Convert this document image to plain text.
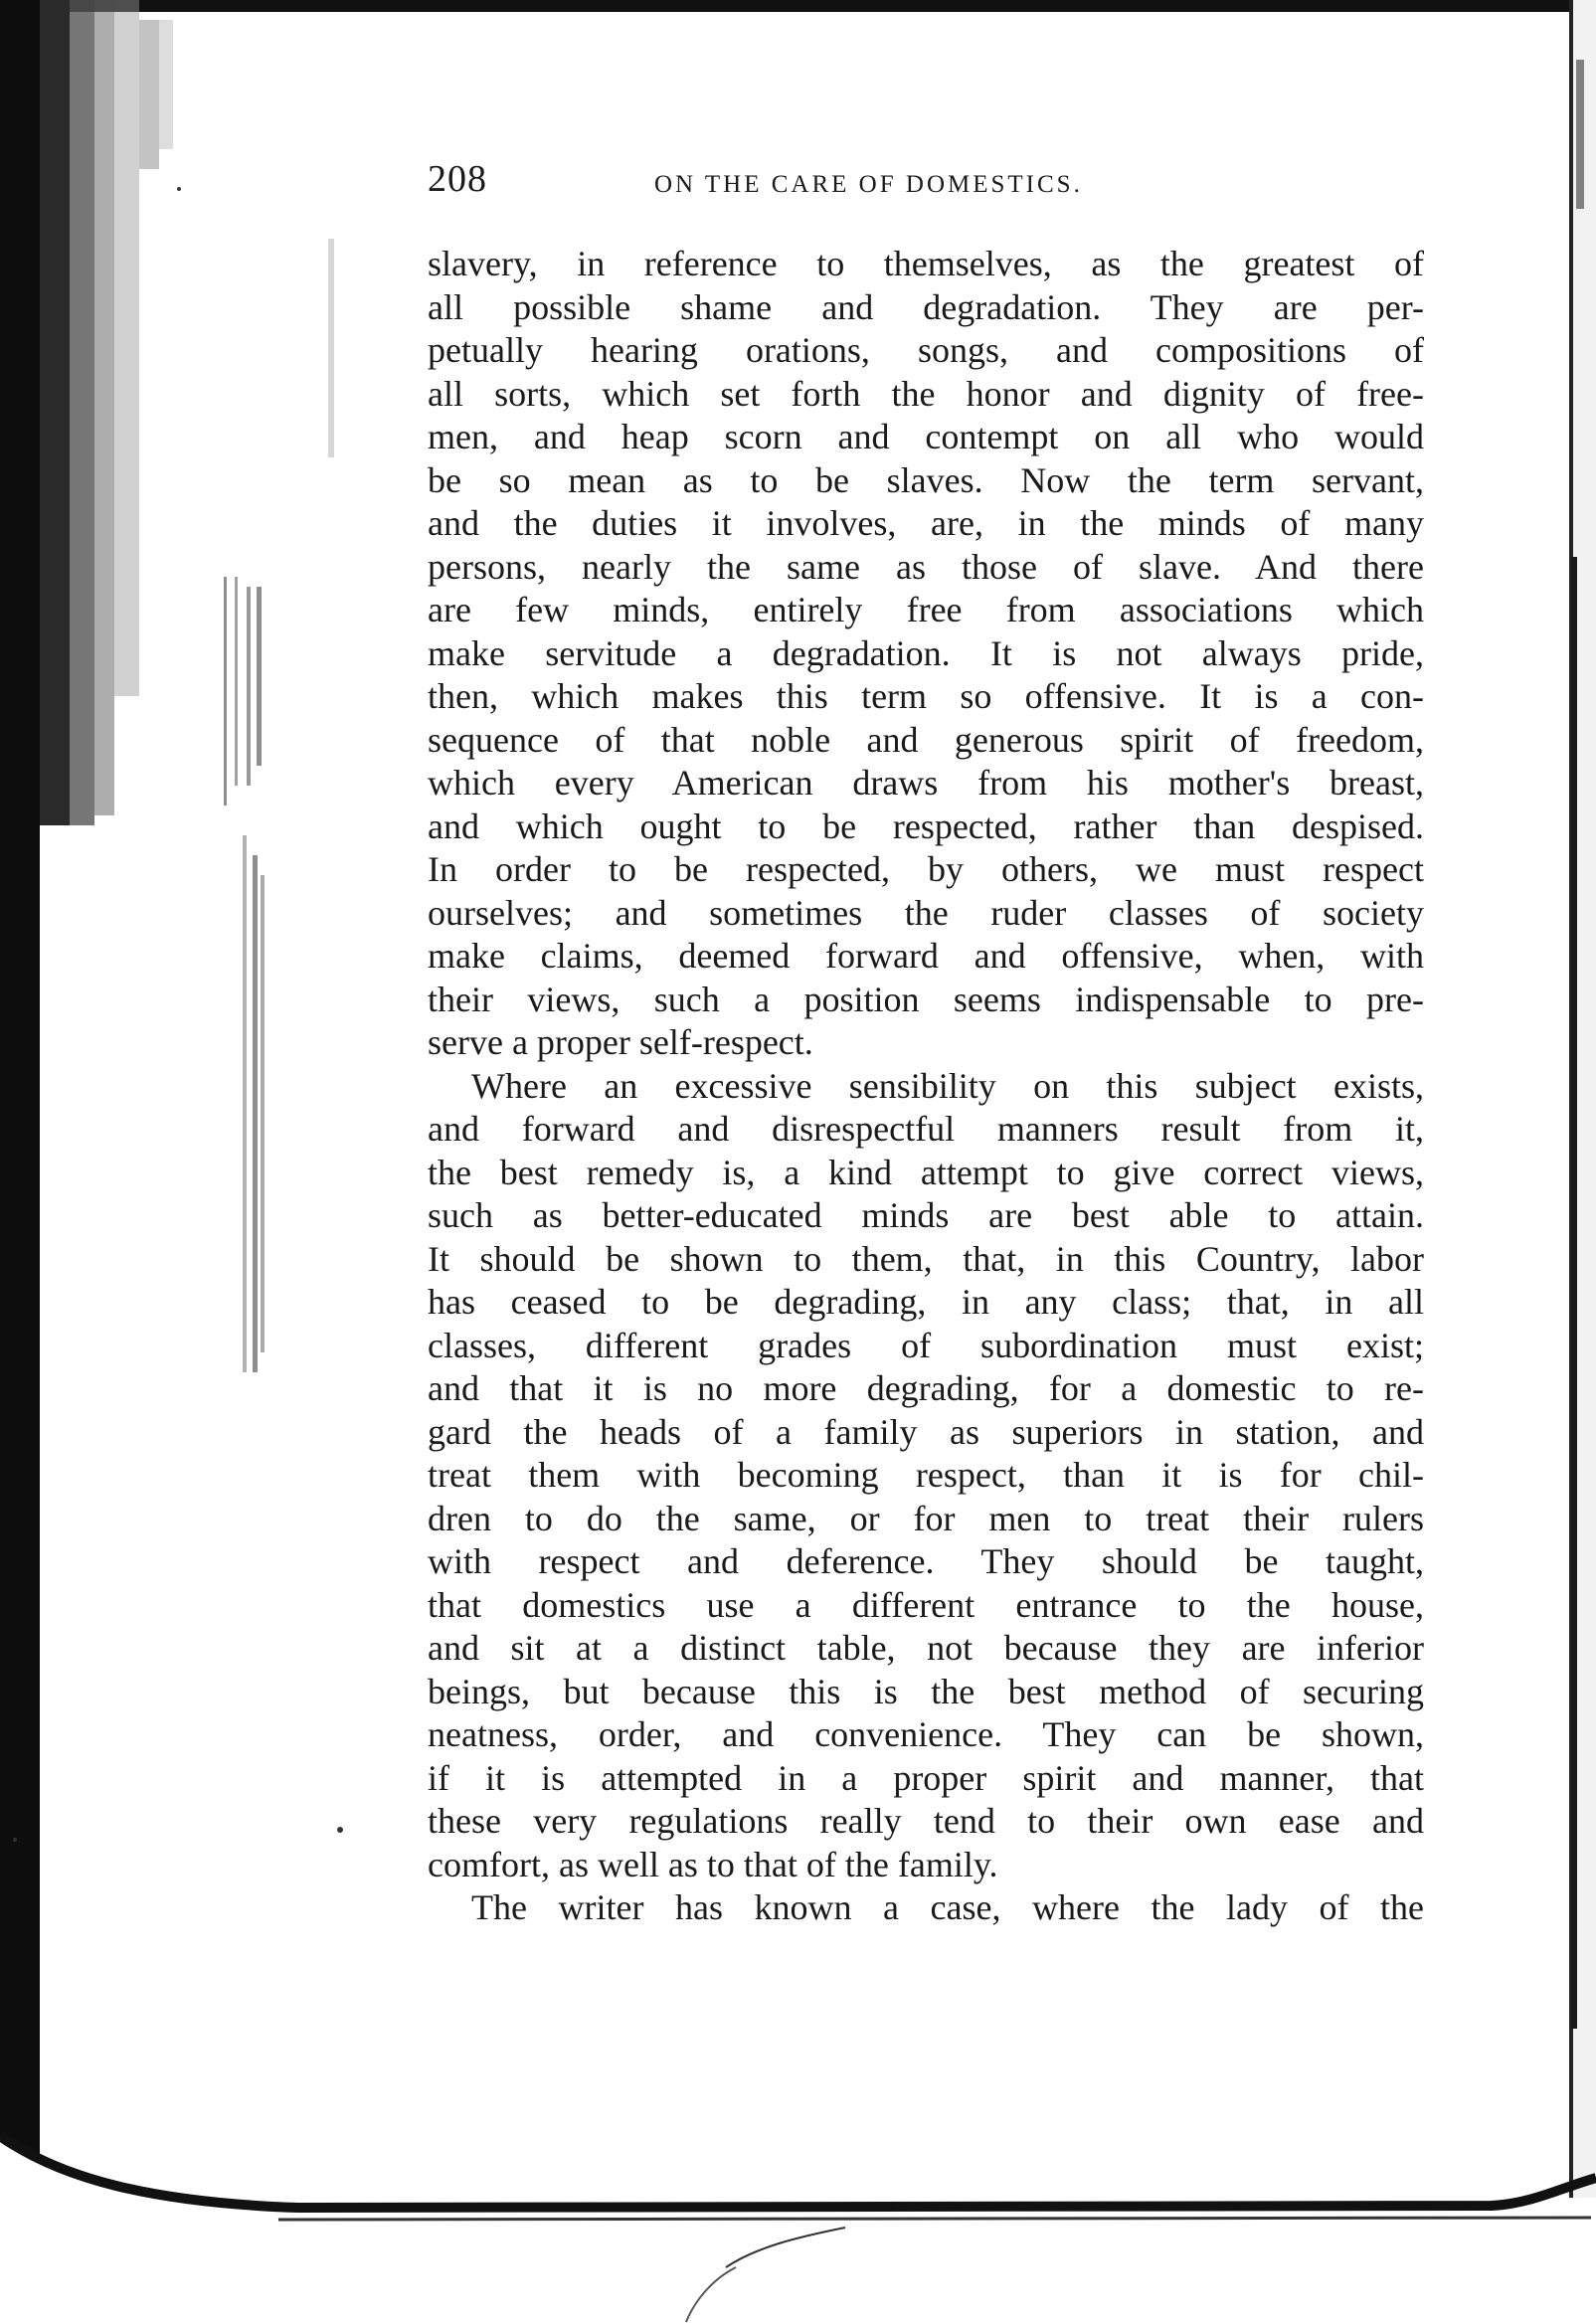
208	ON THE CARE OF DOMESTICS.
slavery, in reference to themselves, as the greatest of
all possible shame and degradation. They are per-
petually hearing orations, songs, and compositions of
all sorts, which set forth the honor and dignity of free-
men, and heap scorn and contempt on all who would
be so mean as to be slaves. Now the term servant,
and the duties it involves, are, in the minds of many
persons, nearly the same as those of slave. And there
are few minds, entirely free from associations which
make servitude a degradation. It is not always pride,
then, which makes this term so offensive. It is a con-
sequence of that noble and generous spirit of freedom,
which every American draws from his mother's breast,
and which ought to be respected, rather than despised.
In order to be respected, by others, we must respect
ourselves; and sometimes the ruder classes of society
make claims, deemed forward and offensive, when, with
their views, such a position seems indispensable to pre-
serve a proper self-respect.
Where an excessive sensibility on this subject exists,
and forward and disrespectful manners result from it,
the best remedy is, a kind attempt to give correct views,
such as better-educated minds are best able to attain.
It should be shown to them, that, in this Country, labor
has ceased to be degrading, in any class; that, in all
classes, different grades of subordination must exist;
and that it is no more degrading, for a domestic to re-
gard the heads of a family as superiors in station, and
treat them with becoming respect, than it is for chil-
dren to do the same, or for men to treat their rulers
with respect and deference. They should be taught,
that domestics use a different entrance to the house,
and sit at a distinct table, not because they are inferior
beings, but because this is the best method of securing
neatness, order, and convenience. They can be shown,
if it is attempted in a proper spirit and manner, that
these very regulations really tend to their own ease and
comfort, as well as to that of the family.
The writer has known a case, where the lady of the
